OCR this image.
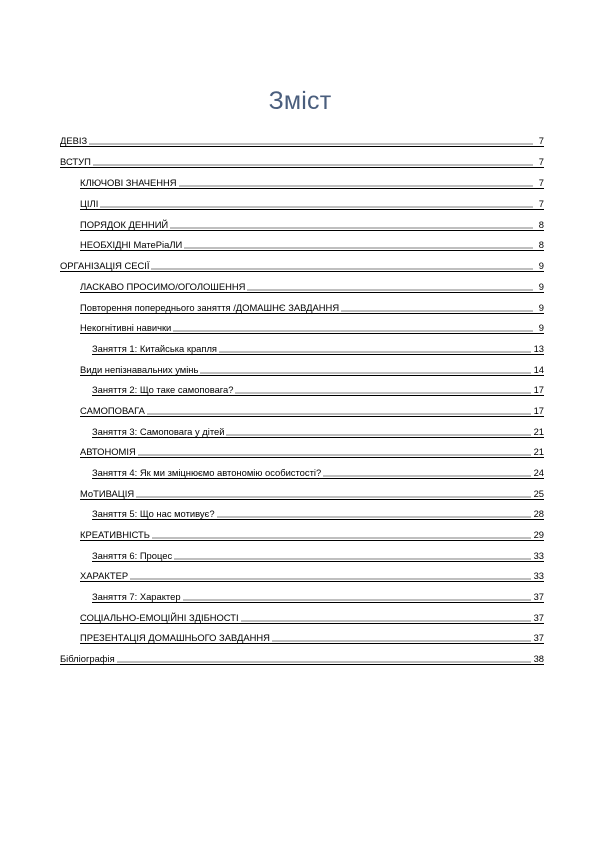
Зміст
ДЕВІЗ	7
ВСТУП	7
КЛЮЧОВІ ЗНАЧЕННЯ	7
ЦІЛІ	7
ПОРЯДОК ДЕННИЙ	8
НЕОБХІДНІ МатеРіаЛИ	8
ОРГАНІЗАЦІЯ СЕСІЇ	9
ЛАСКАВО ПРОСИМО/ОГОЛОШЕННЯ	9
Повторення попереднього заняття /ДОМАШНЄ ЗАВДАННЯ	9
Некогнітивні навички	9
Заняття 1: Китайська крапля	13
Види непізнавальних умінь	14
Заняття 2: Що таке самоповага?	17
САМОПОВАГА	17
Заняття 3: Самоповага у дітей	21
АВТОНОМІЯ	21
Заняття 4: Як ми зміцнюємо автономію особистості?	24
МоТИВАЦІЯ	25
Заняття 5: Що нас мотивує?	28
КРЕАТИВНІСТЬ	29
Заняття 6: Процес	33
ХАРАКТЕР	33
Заняття 7: Характер	37
СОЦІАЛЬНО-ЕМОЦІЙНІ ЗДІБНОСТІ	37
ПРЕЗЕНТАЦІЯ ДОМАШНЬОГО ЗАВДАННЯ	37
Бібліографія	38
